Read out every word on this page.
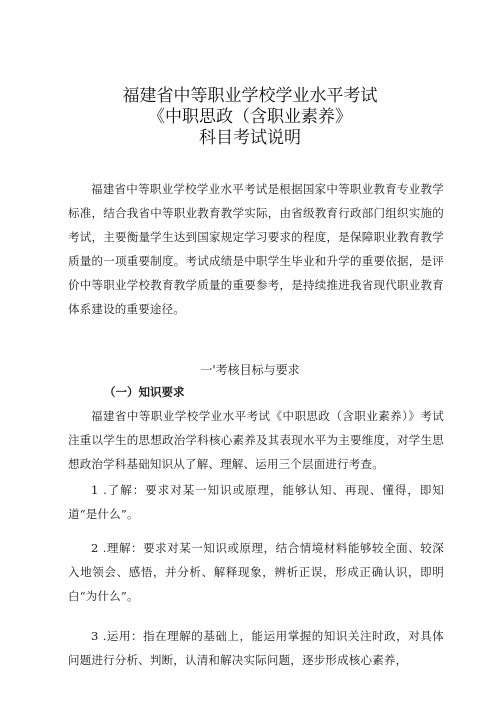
福建省中等职业学校学业水平考试
《中职思政（含职业素养》
科目考试说明

福建省中等职业学校学业水平考试是根据国家中等职业教育专业教学标准，结合我省中等职业教育教学实际，由省级教育行政部门组织实施的考试，主要衡量学生达到国家规定学习要求的程度，是保障职业教育教学质量的一项重要制度。考试成绩是中职学生毕业和升学的重要依据，是评价中等职业学校教育教学质量的重要参考，是持续推进我省现代职业教育体系建设的重要途径。

一'考核目标与要求
（一）知识要求

福建省中等职业学校学业水平考试《中职思政（含职业素养）》考试注重以学生的思想政治学科核心素养及其表现水平为主要维度，对学生思想政治学科基础知识从了解、理解、运用三个层面进行考查。

1 .了解：要求对某一知识或原理，能够认知、再现、懂得，即知道“是什么”。

2 .理解：要求对某一知识或原理，结合情境材料能够较全面、较深入地领会、感悟，并分析、解释现象，辨析正误，形成正确认识，即明白“为什么”。

3 .运用：指在理解的基础上，能运用掌握的知识关注时政，对具体问题进行分析、判断，认清和解决实际问题，逐步形成核心素养，
